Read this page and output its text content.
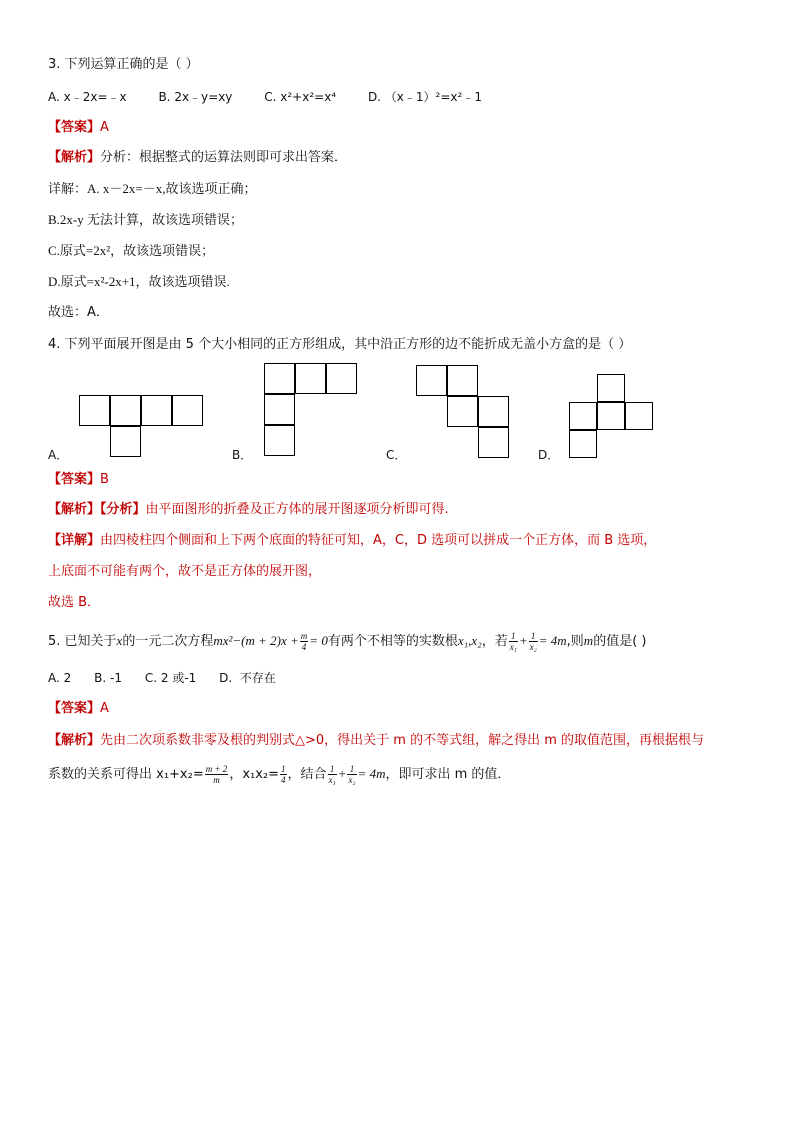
3. 下列运算正确的是（ ）
A. x﹣2x=﹣x	B. 2x﹣y=xy	C. x²+x²=x⁴	D. （x﹣1）²=x²﹣1
【答案】A
【解析】分析：根据整式的运算法则即可求出答案．
详解：A. x－2x=－x,故该选项正确；
B.2x-y 无法计算，故该选项错误；
C.原式=2x²，故该选项错误；
D.原式=x²-2x+1，故该选项错误.
故选：A．
4. 下列平面展开图是由 5 个大小相同的正方形组成，其中沿正方形的边不能折成无盖小方盒的是（ ）
A．	B．	C．	D．
【答案】B
【解析】【分析】由平面图形的折叠及正方体的展开图逐项分析即可得.
【详解】由四棱柱四个侧面和上下两个底面的特征可知，A，C，D 选项可以拼成一个正方体，而 B 选项，
上底面不可能有两个，故不是正方体的展开图，
故选 B．
5. 已知关于x的一元二次方程$mx^2-(m + 2)x + \frac{m}{4} = 0$有两个不相等的实数根x₁,x₂，若 $\frac{1}{\text{x₁}} + \frac{1}{\text{x₂}} = 4m$,则m的值是( )
A. 2      B. -1      C. 2 或-1      D.  不存在
【答案】A
【解析】先由二次项系数非零及根的判别式△>0，得出关于 m 的不等式组，解之得出 m 的取值范围，再根据根与
系数的关系可得出 $x_1+x_2= \frac{m + 2}{m}$ ，$x_1x_2= \frac{1}{4}$ ，结合 $\frac{1}{\text{x₁}} + \frac{1}{\text{x₂}} = 4m$，即可求出 m 的值．
